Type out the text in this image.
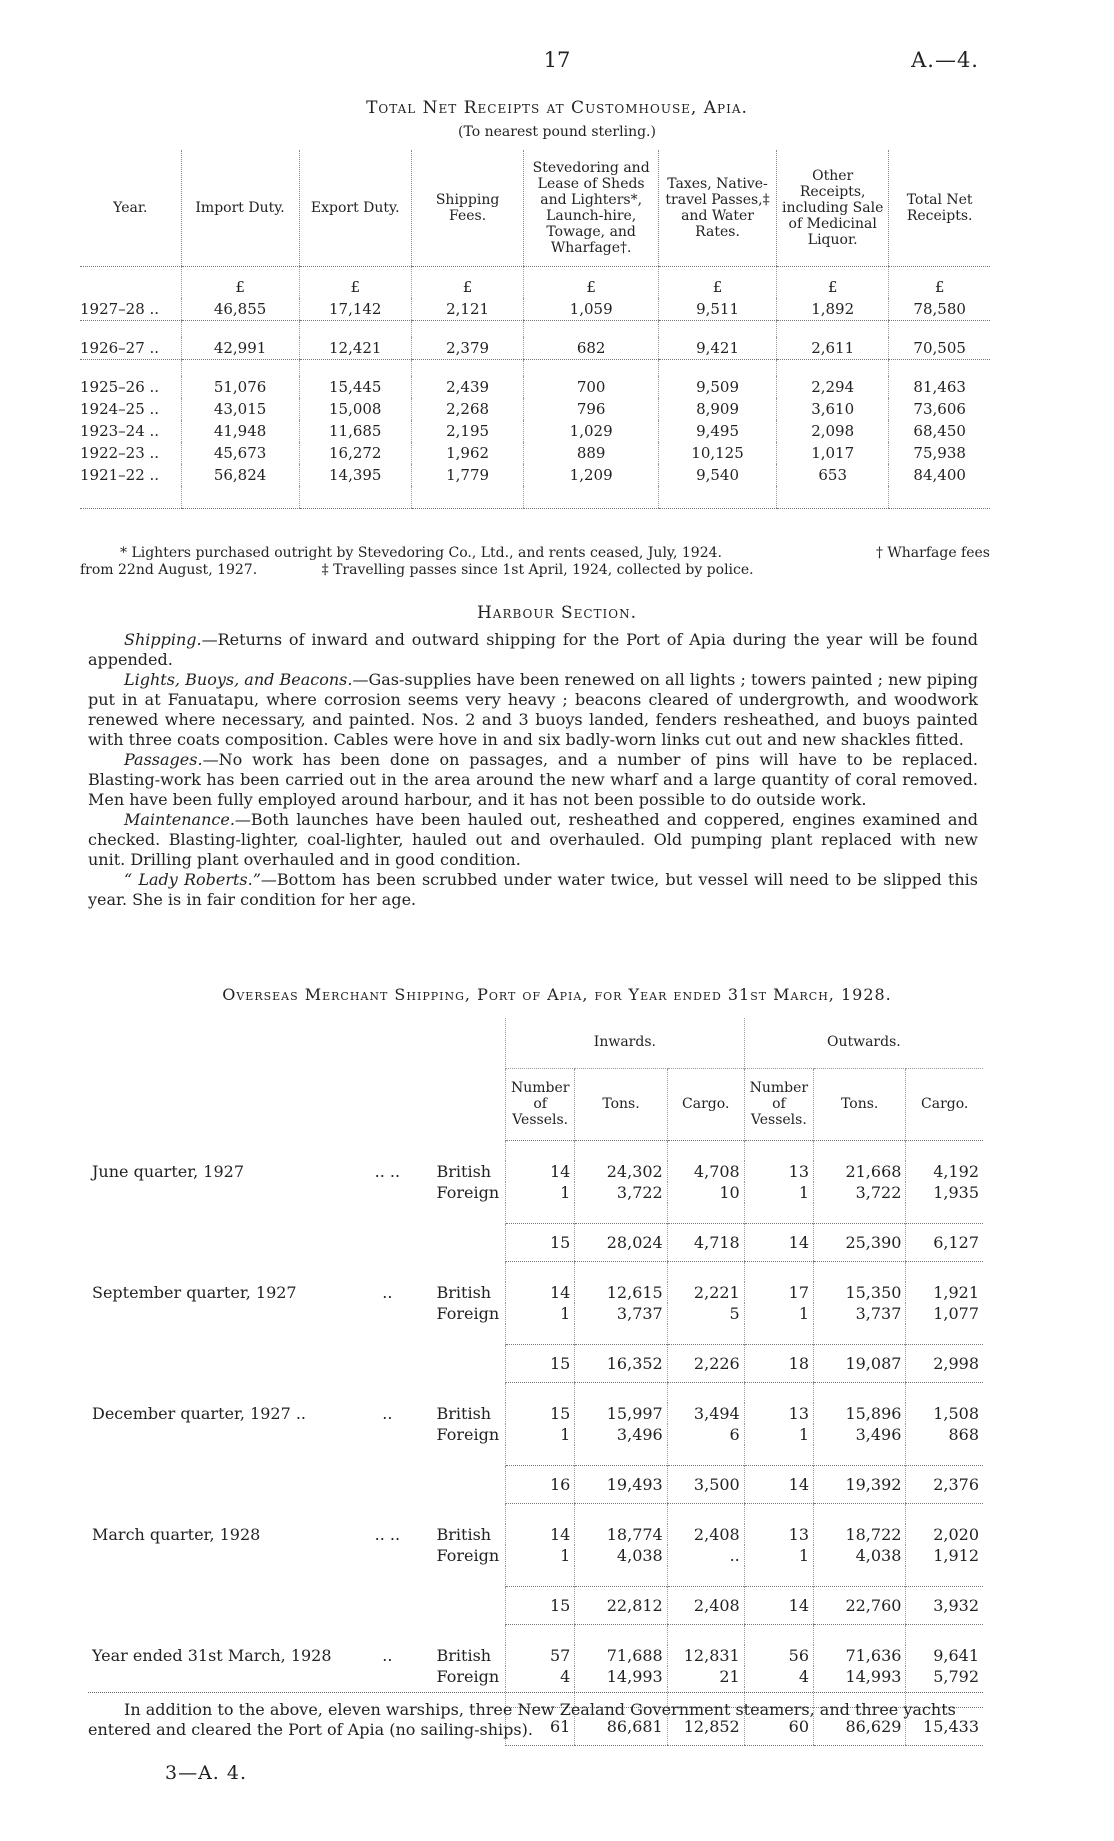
17	A.—4.
Total Net Receipts at Customhouse, Apia.
(To nearest pound sterling.)
Year.	Import Duty.	Export Duty.	Shipping Fees.	Stevedoring and Lease of Sheds and Lighters*, Launch-hire, Towage, and Wharfage†.	Taxes, Native-travel Passes,‡ and Water Rates.	Other Receipts, including Sale of Medicinal Liquor.	Total Net Receipts.
	£	£	£	£	£	£	£
1927–28 ..	46,855	17,142	2,121	1,059	9,511	1,892	78,580

1926–27 ..	42,991	12,421	2,379	682	9,421	2,611	70,505

1925–26 ..	51,076	15,445	2,439	700	9,509	2,294	81,463
1924–25 ..	43,015	15,008	2,268	796	8,909	3,610	73,606
1923–24 ..	41,948	11,685	2,195	1,029	9,495	2,098	68,450
1922–23 ..	45,673	16,272	1,962	889	10,125	1,017	75,938
1921–22 ..	56,824	14,395	1,779	1,209	9,540	653	84,400

* Lighters purchased outright by Stevedoring Co., Ltd., and rents ceased, July, 1924.	† Wharfage fees
from 22nd August, 1927.	‡ Travelling passes since 1st April, 1924, collected by police.
Harbour Section.

Shipping.—Returns of inward and outward shipping for the Port of Apia during the year will be found appended.

Lights, Buoys, and Beacons.—Gas-supplies have been renewed on all lights ; towers painted ; new piping put in at Fanuatapu, where corrosion seems very heavy ; beacons cleared of undergrowth, and woodwork renewed where necessary, and painted. Nos. 2 and 3 buoys landed, fenders resheathed, and buoys painted with three coats composition. Cables were hove in and six badly-worn links cut out and new shackles fitted.

Passages.—No work has been done on passages, and a number of pins will have to be replaced. Blasting-work has been carried out in the area around the new wharf and a large quantity of coral removed. Men have been fully employed around harbour, and it has not been possible to do outside work.

Maintenance.—Both launches have been hauled out, resheathed and coppered, engines examined and checked. Blasting-lighter, coal-lighter, hauled out and overhauled. Old pumping plant replaced with new unit. Drilling plant overhauled and in good condition.

“ Lady Roberts.”—Bottom has been scrubbed under water twice, but vessel will need to be slipped this year. She is in fair condition for her age.

Overseas Merchant Shipping, Port of Apia, for Year ended 31st March, 1928.
			Inwards.			Outwards.		
			Number of Vessels.	Tons.	Cargo.	Number of Vessels.	Tons.	Cargo.

June quarter, 1927	.. ..	British	14	24,302	4,708	13	21,668	4,192
		Foreign	1	3,722	10	1	3,722	1,935

			15	28,024	4,718	14	25,390	6,127

September quarter, 1927	..	British	14	12,615	2,221	17	15,350	1,921
		Foreign	1	3,737	5	1	3,737	1,077

			15	16,352	2,226	18	19,087	2,998

December quarter, 1927 ..	..	British	15	15,997	3,494	13	15,896	1,508
		Foreign	1	3,496	6	1	3,496	868

			16	19,493	3,500	14	19,392	2,376

March quarter, 1928	.. ..	British	14	18,774	2,408	13	18,722	2,020
		Foreign	1	4,038	..	1	4,038	1,912

			15	22,812	2,408	14	22,760	3,932

Year ended 31st March, 1928	..	British	57	71,688	12,831	56	71,636	9,641
		Foreign	4	14,993	21	4	14,993	5,792

			61	86,681	12,852	60	86,629	15,433
In addition to the above, eleven warships, three New Zealand Government steamers, and three yachts entered and cleared the Port of Apia (no sailing-ships).
3—A. 4.
